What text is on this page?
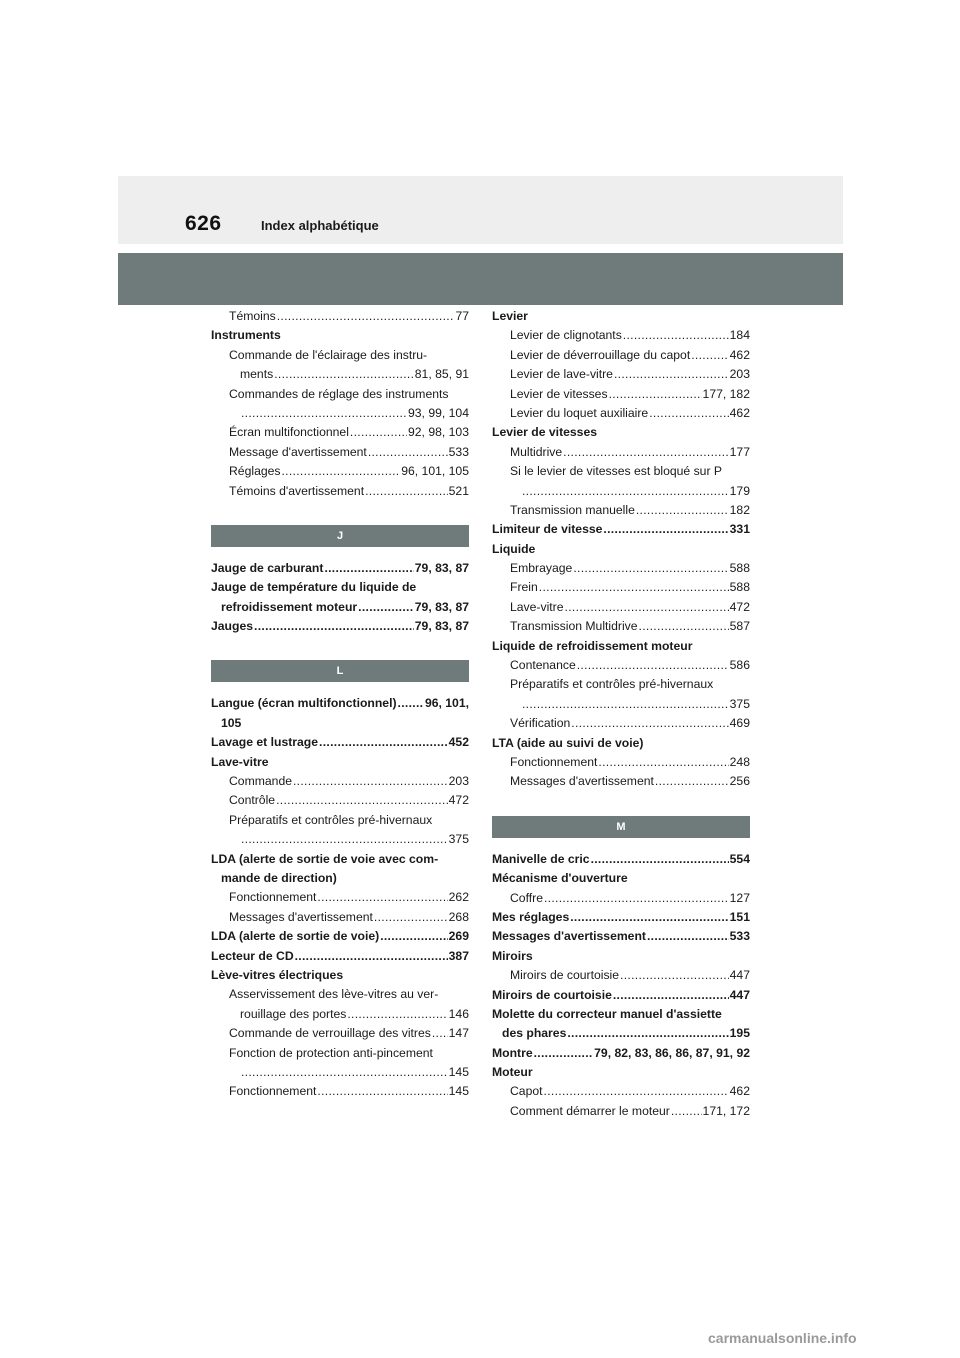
626	Index alphabétique
Témoins .....	77
Instruments
Commande de l'éclairage des instru-
ments .....	81, 85, 91
Commandes de réglage des instruments
.....
93, 99, 104
Écran multifonctionnel .....	92, 98, 103
Message d'avertissement .....	533
Réglages .....	96, 101, 105
Témoins d'avertissement .....	521
J
Jauge de carburant .....	79, 83, 87
Jauge de température du liquide de
refroidissement moteur .....	79, 83, 87
Jauges .....	79, 83, 87
L
Langue (écran multifonctionnel) ..... 96, 101,
105
Lavage et lustrage .....	452
Lave-vitre
Commande .....	203
Contrôle .....	472
Préparatifs et contrôles pré-hivernaux
.....
375
LDA (alerte de sortie de voie avec com-
mande de direction)
Fonctionnement .....	262
Messages d'avertissement .....	268
LDA (alerte de sortie de voie) .....	269
Lecteur de CD .....	387
Lève-vitres électriques
Asservissement des lève-vitres au ver-
rouillage des portes .....	146
Commande de verrouillage des vitres ..... 147
Fonction de protection anti-pincement
.....
145
Fonctionnement .....	145
Levier
Levier de clignotants .....	184
Levier de déverrouillage du capot .....	462
Levier de lave-vitre .....	203
Levier de vitesses .....	177, 182
Levier du loquet auxiliaire .....	462
Levier de vitesses
Multidrive .....	177
Si le levier de vitesses est bloqué sur P
.....
179
Transmission manuelle .....	182
Limiteur de vitesse .....	331
Liquide
Embrayage .....	588
Frein .....	588
Lave-vitre .....	472
Transmission Multidrive .....	587
Liquide de refroidissement moteur
Contenance .....	586
Préparatifs et contrôles pré-hivernaux
.....
375
Vérification .....	469
LTA (aide au suivi de voie)
Fonctionnement .....	248
Messages d'avertissement .....	256
M
Manivelle de cric .....	554
Mécanisme d'ouverture
Coffre .....	127
Mes réglages .....	151
Messages d'avertissement .....	533
Miroirs
Miroirs de courtoisie .....	447
Miroirs de courtoisie .....	447
Molette du correcteur manuel d'assiette
des phares .....	195
Montre .....	79, 82, 83, 86, 86, 87, 91, 92
Moteur
Capot .....	462
Comment démarrer le moteur .....	171, 172
carmanualsonline.info
